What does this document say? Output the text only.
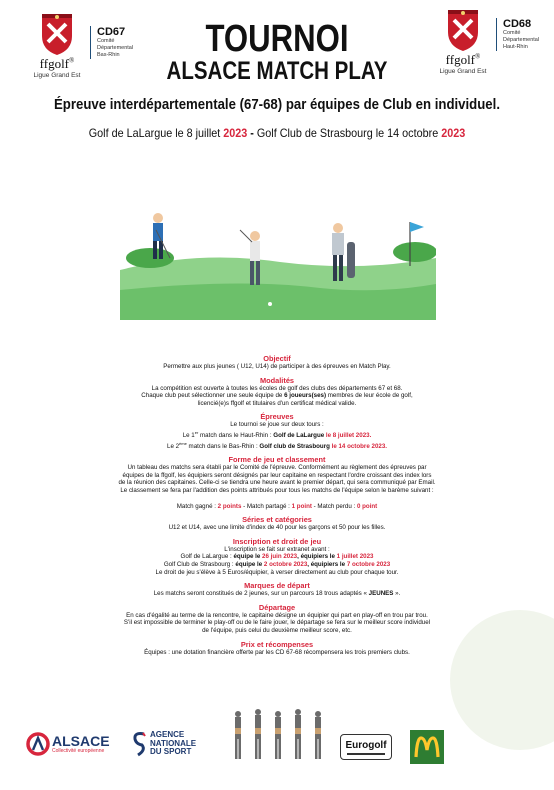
ffgolf®
Ligue Grand Est
CD67
Comité
Départemental
Bas-Rhin	ffgolf®
Ligue Grand Est
CD68
Comité
Départemental
Haut-Rhin
TOURNOI
ALSACE MATCH PLAY
Épreuve interdépartementale (67-68) par équipes de Club en individuel.
Golf de LaLargue le 8 juillet 2023 - Golf Club de Strasbourg le 14 octobre 2023
Objectif

Permettre aux plus jeunes ( U12, U14) de participer à des épreuves en Match Play.

Modalités

La compétition est ouverte à toutes les écoles de golf des clubs des départements 67 et 68.

Chaque club peut sélectionner une seule équipe de 6 joueurs(ses) membres de leur école de golf,

licencié(e)s ffgolf et titulaires d'un certificat médical valide.

Épreuves

Le tournoi se joue sur deux tours :

Le 1er match dans le Haut-Rhin : Golf de LaLargue le 8 juillet 2023.

Le 2ème match dans le Bas-Rhin : Golf club de Strasbourg le 14 octobre 2023.

Forme de jeu et classement

Un tableau des matchs sera établi par le Comité de l'épreuve. Conformément au règlement des épreuves par

équipes de la ffgolf, les équipiers seront désignés par leur capitaine en respectant l'ordre croissant des index lors

de la réunion des capitaines. Celle-ci se tiendra une heure avant le premier départ, qui sera communiqué par Email.

Le classement se fera par l'addition des points attribués pour tous les matchs de l'équipe selon le barème suivant :

Match gagné : 2 points - Match partagé : 1 point - Match perdu : 0 point

Séries et catégories

U12 et U14, avec une limite d'index de 40 pour les garçons et 50 pour les filles.

Inscription et droit de jeu

L'inscription se fait sur extranet avant :

Golf de LaLargue : équipe le 26 juin 2023, équipiers le 1 juillet 2023

Golf Club de Strasbourg : équipe le 2 octobre 2023, équipiers le 7 octobre 2023

Le droit de jeu s'élève à 5 Euros/équipier, à verser directement au club pour chaque tour.

Marques de départ

Les matchs seront constitués de 2 jeunes, sur un parcours 18 trous adaptés « JEUNES ».

Départage

En cas d'égalité au terme de la rencontre, le capitaine désigne un équipier qui part en play-off en trou par trou.

S'il est impossible de terminer le play-off ou de le faire jouer, le départage se fera sur le meilleur score individuel

de l'équipe, puis celui du deuxième meilleur score, etc.

Prix et récompenses

Équipes : une dotation financière offerte par les CD 67-68 récompensera les trois premiers clubs.

ALSACE
Collectivité européenne
AGENCE
NATIONALE
DU SPORT
Eurogolf
